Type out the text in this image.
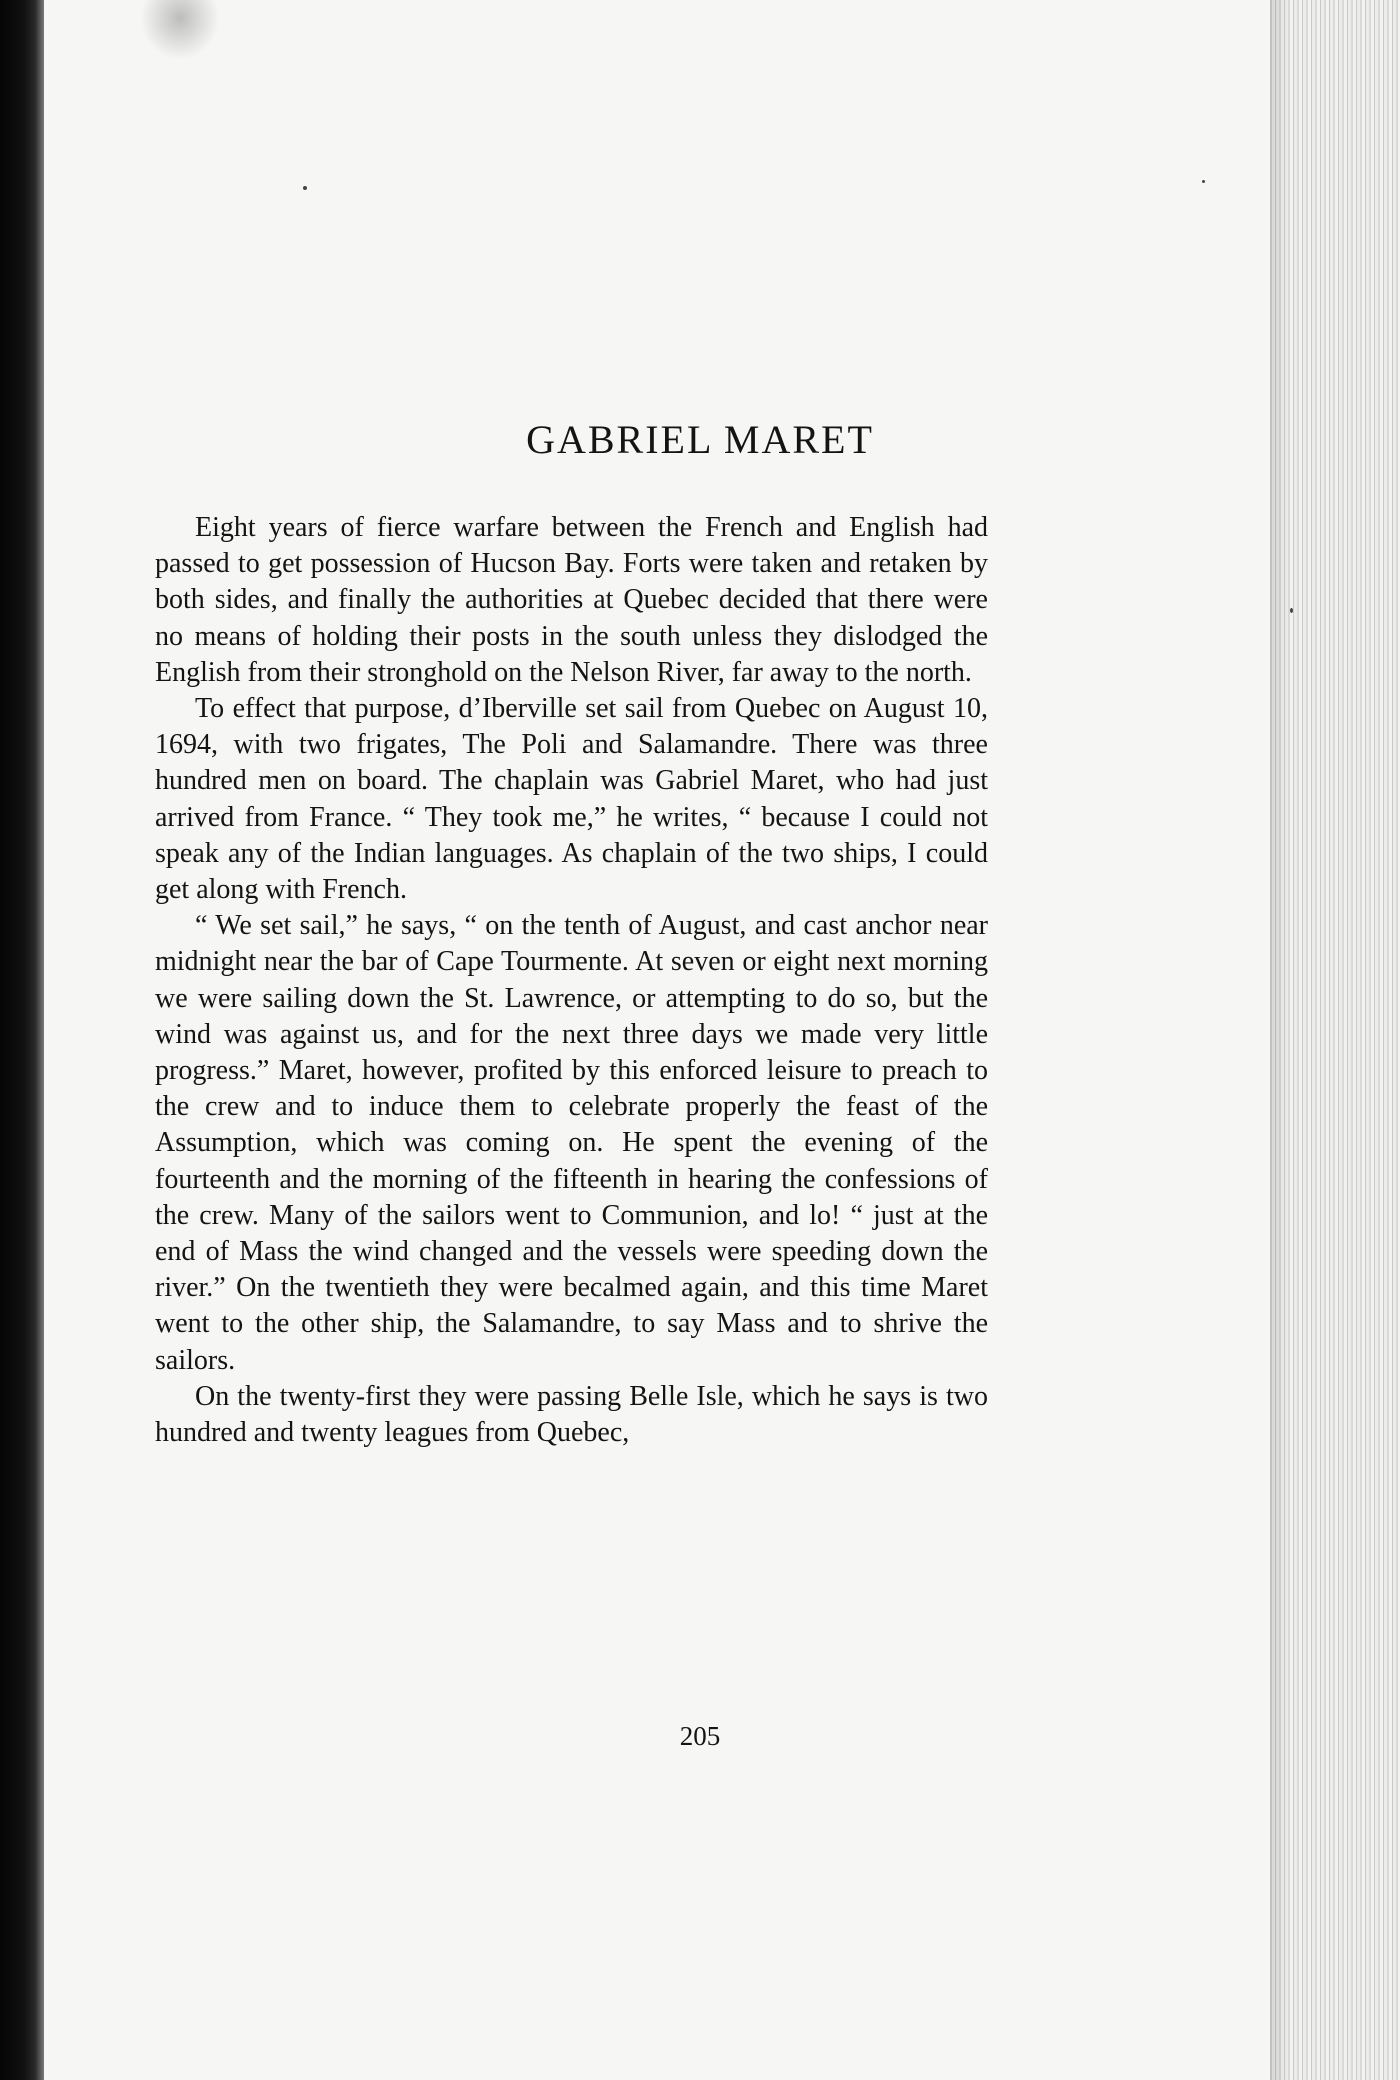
GABRIEL MARET

Eight years of fierce warfare between the French and English had passed to get possession of Hucson Bay. Forts were taken and retaken by both sides, and finally the authorities at Quebec decided that there were no means of holding their posts in the south unless they dislodged the English from their stronghold on the Nelson River, far away to the north.

To effect that purpose, d’Iberville set sail from Quebec on August 10, 1694, with two frigates, The Poli and Salamandre. There was three hundred men on board. The chaplain was Gabriel Maret, who had just arrived from France. “ They took me,” he writes, “ because I could not speak any of the Indian languages. As chaplain of the two ships, I could get along with French.

“ We set sail,” he says, “ on the tenth of August, and cast anchor near midnight near the bar of Cape Tourmente. At seven or eight next morning we were sailing down the St. Lawrence, or attempting to do so, but the wind was against us, and for the next three days we made very little progress.” Maret, however, profited by this enforced leisure to preach to the crew and to induce them to celebrate properly the feast of the Assumption, which was coming on. He spent the evening of the fourteenth and the morning of the fifteenth in hearing the confessions of the crew. Many of the sailors went to Communion, and lo! “ just at the end of Mass the wind changed and the vessels were speeding down the river.” On the twentieth they were becalmed again, and this time Maret went to the other ship, the Salamandre, to say Mass and to shrive the sailors.

On the twenty-first they were passing Belle Isle, which he says is two hundred and twenty leagues from Quebec,

205
